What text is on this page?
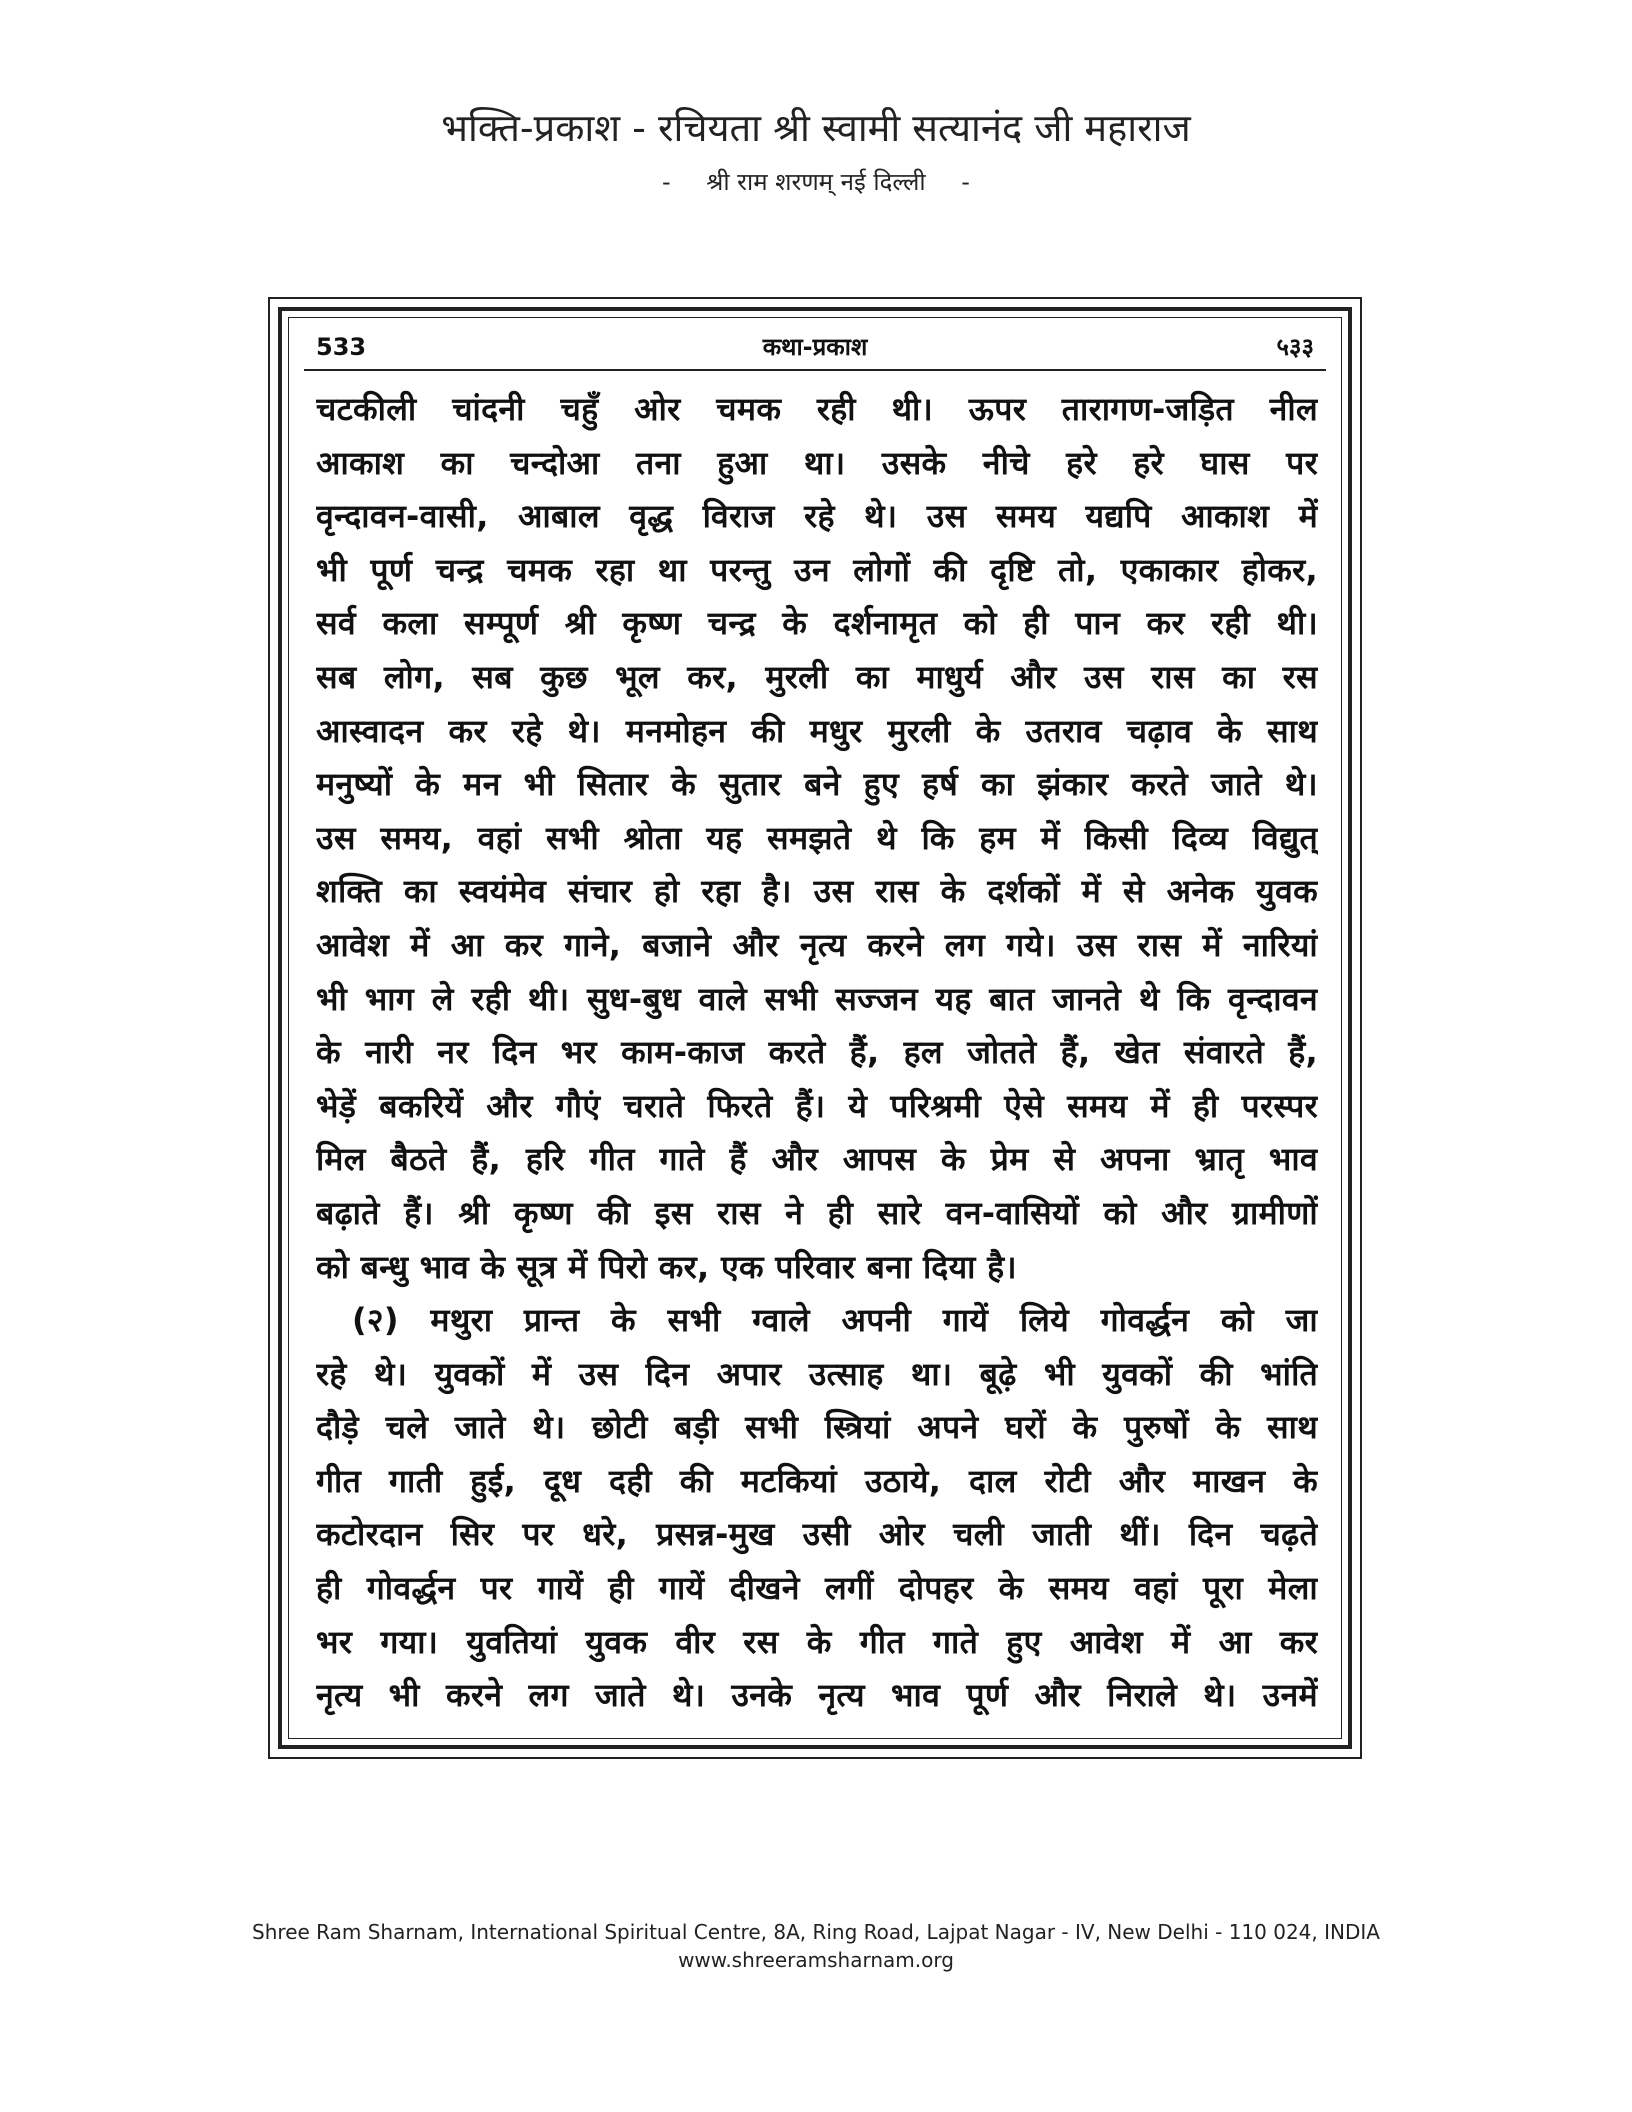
भक्ति-प्रकाश - रचियता श्री स्वामी सत्यानंद जी महाराज
- श्री राम शरणम् नई दिल्ली -
कथा-प्रकाश
533	५३३
चटकीली चांदनी चहुँ ओर चमक रही थी। ऊपर तारागण-जड़ित नील
आकाश का चन्दोआ तना हुआ था। उसके नीचे हरे हरे घास पर
वृन्दावन-वासी, आबाल वृद्ध विराज रहे थे। उस समय यद्यपि आकाश में
भी पूर्ण चन्द्र चमक रहा था परन्तु उन लोगों की दृष्टि तो, एकाकार होकर,
सर्व कला सम्पूर्ण श्री कृष्ण चन्द्र के दर्शनामृत को ही पान कर रही थी।
सब लोग, सब कुछ भूल कर, मुरली का माधुर्य और उस रास का रस
आस्वादन कर रहे थे। मनमोहन की मधुर मुरली के उतराव चढ़ाव के साथ
मनुष्यों के मन भी सितार के सुतार बने हुए हर्ष का झंकार करते जाते थे।
उस समय, वहां सभी श्रोता यह समझते थे कि हम में किसी दिव्य विद्युत्
शक्ति का स्वयंमेव संचार हो रहा है। उस रास के दर्शकों में से अनेक युवक
आवेश में आ कर गाने, बजाने और नृत्य करने लग गये। उस रास में नारियां
भी भाग ले रही थी। सुध-बुध वाले सभी सज्जन यह बात जानते थे कि वृन्दावन
के नारी नर दिन भर काम-काज करते हैं, हल जोतते हैं, खेत संवारते हैं,
भेड़ें बकरियें और गौएं चराते फिरते हैं। ये परिश्रमी ऐसे समय में ही परस्पर
मिल बैठते हैं, हरि गीत गाते हैं और आपस के प्रेम से अपना भ्रातृ भाव
बढ़ाते हैं। श्री कृष्ण की इस रास ने ही सारे वन-वासियों को और ग्रामीणों
को बन्धु भाव के सूत्र में पिरो कर, एक परिवार बना दिया है।
(२) मथुरा प्रान्त के सभी ग्वाले अपनी गायें लिये गोवर्द्धन को जा
रहे थे। युवकों में उस दिन अपार उत्साह था। बूढ़े भी युवकों की भांति
दौड़े चले जाते थे। छोटी बड़ी सभी स्त्रियां अपने घरों के पुरुषों के साथ
गीत गाती हुई, दूध दही की मटकियां उठाये, दाल रोटी और माखन के
कटोरदान सिर पर धरे, प्रसन्न-मुख उसी ओर चली जाती थीं। दिन चढ़ते
ही गोवर्द्धन पर गायें ही गायें दीखने लगीं दोपहर के समय वहां पूरा मेला
भर गया। युवतियां युवक वीर रस के गीत गाते हुए आवेश में आ कर
नृत्य भी करने लग जाते थे। उनके नृत्य भाव पूर्ण और निराले थे। उनमें
Shree Ram Sharnam, International Spiritual Centre, 8A, Ring Road, Lajpat Nagar - IV, New Delhi - 110 024, INDIA
www.shreeramsharnam.org
